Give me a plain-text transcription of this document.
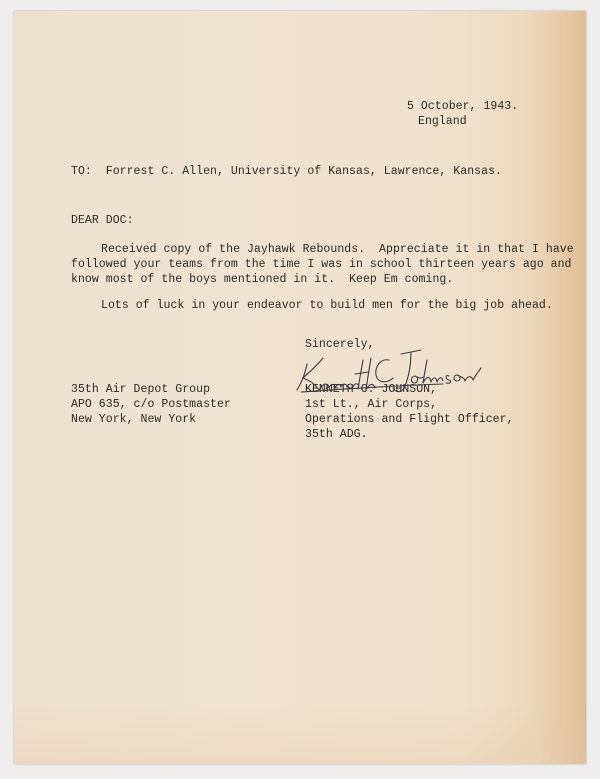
5 October, 1943.
England
TO:  Forrest C. Allen, University of Kansas, Lawrence, Kansas.
DEAR DOC:
Received copy of the Jayhawk Rebounds.  Appreciate it in that I have
followed your teams from the time I was in school thirteen years ago and
know most of the boys mentioned in it.  Keep Em coming.
Lots of luck in your endeavor to build men for the big job ahead.
Sincerely,
35th Air Depot Group
APO 635, c/o Postmaster
New York, New York
KENNETH C. JOHNSON,
1st Lt., Air Corps,
Operations and Flight Officer,
35th ADG.
